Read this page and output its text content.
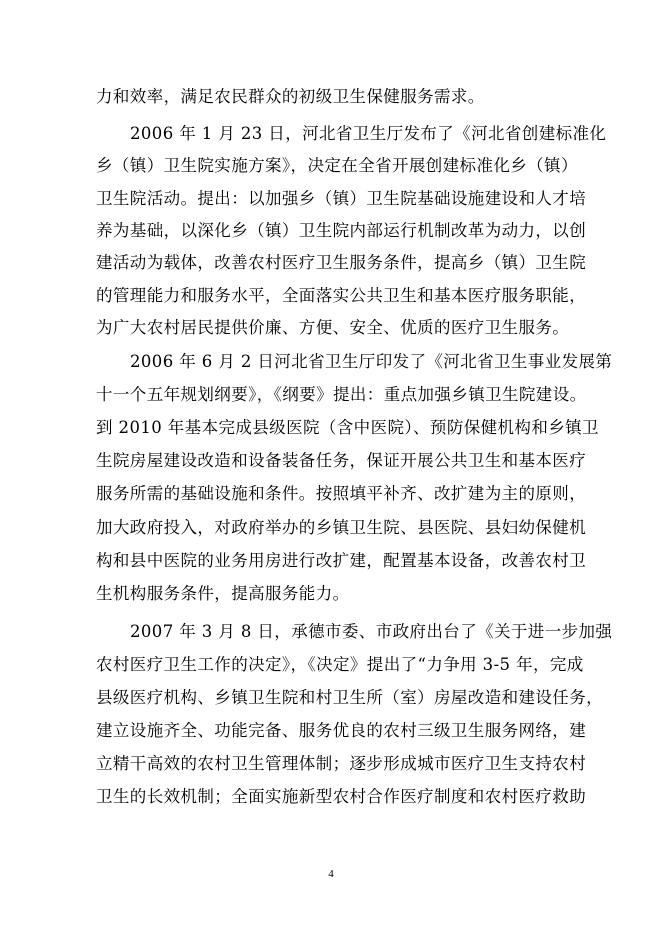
力和效率，满足农民群众的初级卫生保健服务需求。
2006 年 1 月 23 日，河北省卫生厅发布了《河北省创建标准化
乡（镇）卫生院实施方案》，决定在全省开展创建标准化乡（镇）
卫生院活动。提出：以加强乡（镇）卫生院基础设施建设和人才培
养为基础，以深化乡（镇）卫生院内部运行机制改革为动力，以创
建活动为载体，改善农村医疗卫生服务条件，提高乡（镇）卫生院
的管理能力和服务水平，全面落实公共卫生和基本医疗服务职能，
为广大农村居民提供价廉、方便、安全、优质的医疗卫生服务。
2006 年 6 月 2 日河北省卫生厅印发了《河北省卫生事业发展第
十一个五年规划纲要》，《纲要》提出：重点加强乡镇卫生院建设。
到 2010 年基本完成县级医院（含中医院）、预防保健机构和乡镇卫
生院房屋建设改造和设备装备任务，保证开展公共卫生和基本医疗
服务所需的基础设施和条件。按照填平补齐、改扩建为主的原则，
加大政府投入，对政府举办的乡镇卫生院、县医院、县妇幼保健机
构和县中医院的业务用房进行改扩建，配置基本设备，改善农村卫
生机构服务条件，提高服务能力。
2007 年 3 月 8 日，承德市委、市政府出台了《关于进一步加强
农村医疗卫生工作的决定》，《决定》提出了“力争用 3-5 年，完成
县级医疗机构、乡镇卫生院和村卫生所（室）房屋改造和建设任务，
建立设施齐全、功能完备、服务优良的农村三级卫生服务网络，建
立精干高效的农村卫生管理体制；逐步形成城市医疗卫生支持农村
卫生的长效机制；全面实施新型农村合作医疗制度和农村医疗救助
4
